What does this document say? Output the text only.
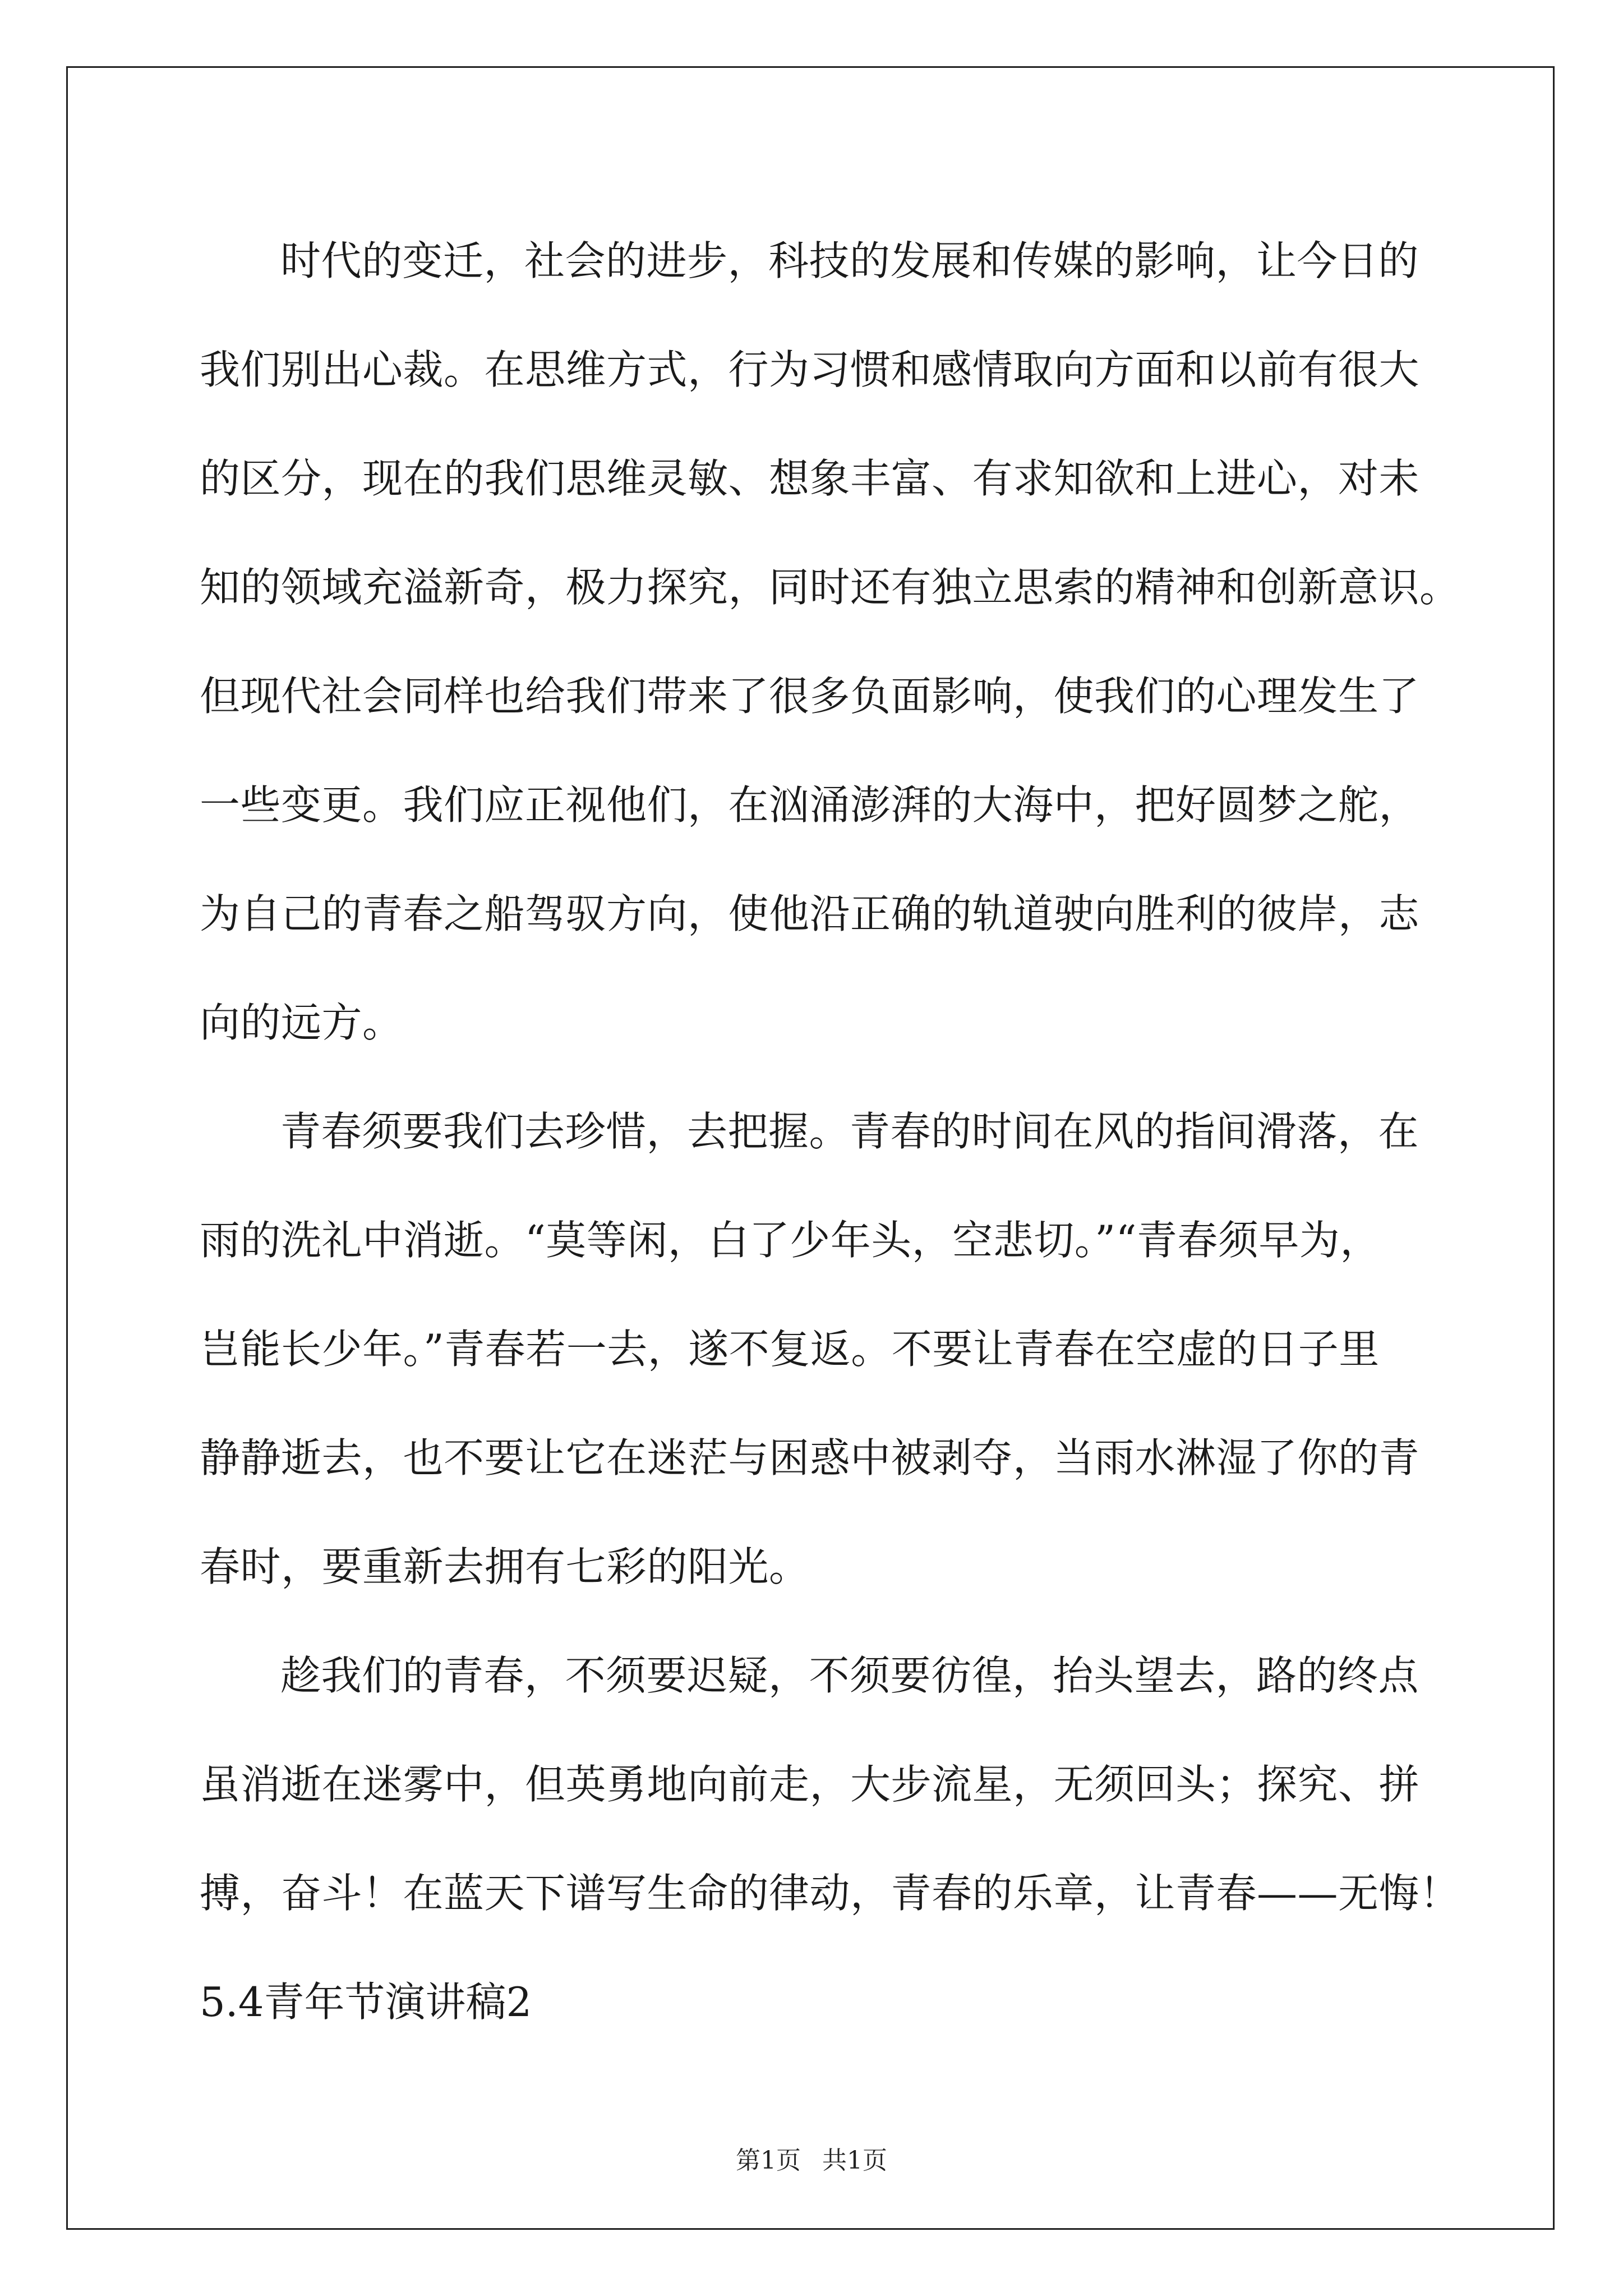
时代的变迁，社会的进步，科技的发展和传媒的影响，让今日的
我们别出心裁。在思维方式，行为习惯和感情取向方面和以前有很大
的区分，现在的我们思维灵敏、想象丰富、有求知欲和上进心，对未
知的领域充溢新奇，极力探究，同时还有独立思索的精神和创新意识。
但现代社会同样也给我们带来了很多负面影响，使我们的心理发生了
一些变更。我们应正视他们，在汹涌澎湃的大海中，把好圆梦之舵，
为自己的青春之船驾驭方向，使他沿正确的轨道驶向胜利的彼岸，志
向的远方。
青春须要我们去珍惜，去把握。青春的时间在风的指间滑落，在
雨的洗礼中消逝。“莫等闲，白了少年头，空悲切。”“青春须早为，
岂能长少年。”青春若一去，遂不复返。不要让青春在空虚的日子里
静静逝去，也不要让它在迷茫与困惑中被剥夺，当雨水淋湿了你的青
春时，要重新去拥有七彩的阳光。
趁我们的青春，不须要迟疑，不须要彷徨，抬头望去，路的终点
虽消逝在迷雾中，但英勇地向前走，大步流星，无须回头；探究、拼
搏，奋斗！在蓝天下谱写生命的律动，青春的乐章，让青春——无悔！
5.4青年节演讲稿2
第1页 共1页
